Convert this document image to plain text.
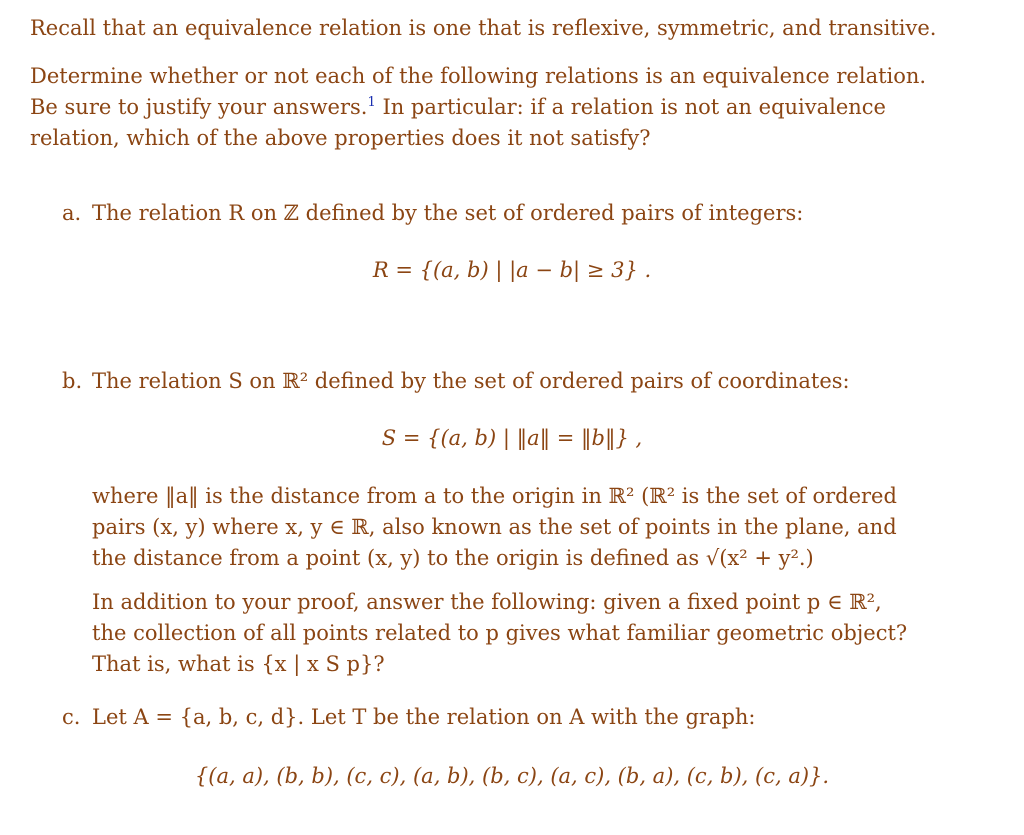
Recall that an equivalence relation is one that is reflexive, symmetric, and transitive.
Determine whether or not each of the following relations is an equivalence relation.
Be sure to justify your answers.$^1$ In particular: if a relation is not an equivalence
relation, which of the above properties does it not satisfy?
a. The relation R on ℤ defined by the set of ordered pairs of integers:
R = {(a, b) | |a − b| ≥ 3} .
b. The relation S on ℝ² defined by the set of ordered pairs of coordinates:
S = {(a, b) | ‖a‖ = ‖b‖} ,
where ‖a‖ is the distance from a to the origin in ℝ² (ℝ² is the set of ordered
pairs (x, y) where x, y ∈ ℝ, also known as the set of points in the plane, and
the distance from a point (x, y) to the origin is defined as √(x² + y².)
In addition to your proof, answer the following: given a fixed point p ∈ ℝ²,
the collection of all points related to p gives what familiar geometric object?
That is, what is {x | x S p}?
c. Let A = {a, b, c, d}. Let T be the relation on A with the graph:
{(a, a), (b, b), (c, c), (a, b), (b, c), (a, c), (b, a), (c, b), (c, a)}.
